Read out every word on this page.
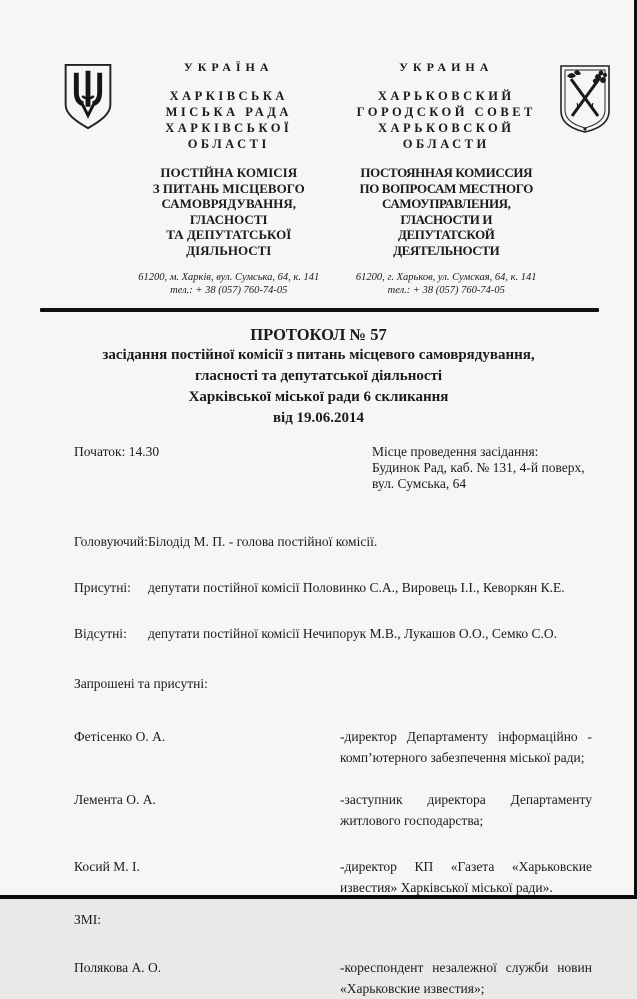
УКРАЇНА
ХАРКІВСЬКА
МІСЬКА РАДА
ХАРКІВСЬКОЇ ОБЛАСТІ
ПОСТІЙНА КОМІСІЯ
З ПИТАНЬ МІСЦЕВОГО
САМОВРЯДУВАННЯ, ГЛАСНОСТІ
ТА ДЕПУТАТСЬКОЇ ДІЯЛЬНОСТІ
61200, м. Харків, вул. Сумська, 64, к. 141
тел.: + 38 (057) 760-74-05
УКРАИНА
ХАРЬКОВСКИЙ
ГОРОДСКОЙ СОВЕТ
ХАРЬКОВСКОЙ ОБЛАСТИ
ПОСТОЯННАЯ КОМИССИЯ
ПО ВОПРОСАМ МЕСТНОГО
САМОУПРАВЛЕНИЯ, ГЛАСНОСТИ И
ДЕПУТАТСКОЙ ДЕЯТЕЛЬНОСТИ
61200, г. Харьков, ул. Сумская, 64, к. 141
тел.: + 38 (057) 760-74-05
ПРОТОКОЛ № 57
засідання постійної комісії з питань місцевого самоврядування,
гласності та депутатської діяльності
Харківської міської ради 6 скликання
від 19.06.2014
Початок: 14.30	Місце проведення засідання:
Будинок Рад, каб. № 131, 4-й поверх,
вул. Сумська, 64
Головуючий: Білодід М. П. - голова постійної комісії.
Присутні:	депутати постійної комісії Половинко С.А., Вировець І.І., Кеворкян К.Е.
Відсутні:	депутати постійної комісії Нечипорук М.В., Лукашов О.О., Семко С.О.
Запрошені та присутні:
Фетісенко О. А.	-директор Департаменту інформаційно - комп’ютерного забезпечення міської ради;
Лемента О. А.	-заступник директора Департаменту житлового господарства;
Косий М. І.	-директор КП «Газета «Харьковские известия» Харківської міської ради».
ЗМІ:
Полякова А. О.	-кореспондент незалежної служби новин «Харьковские известия»;
